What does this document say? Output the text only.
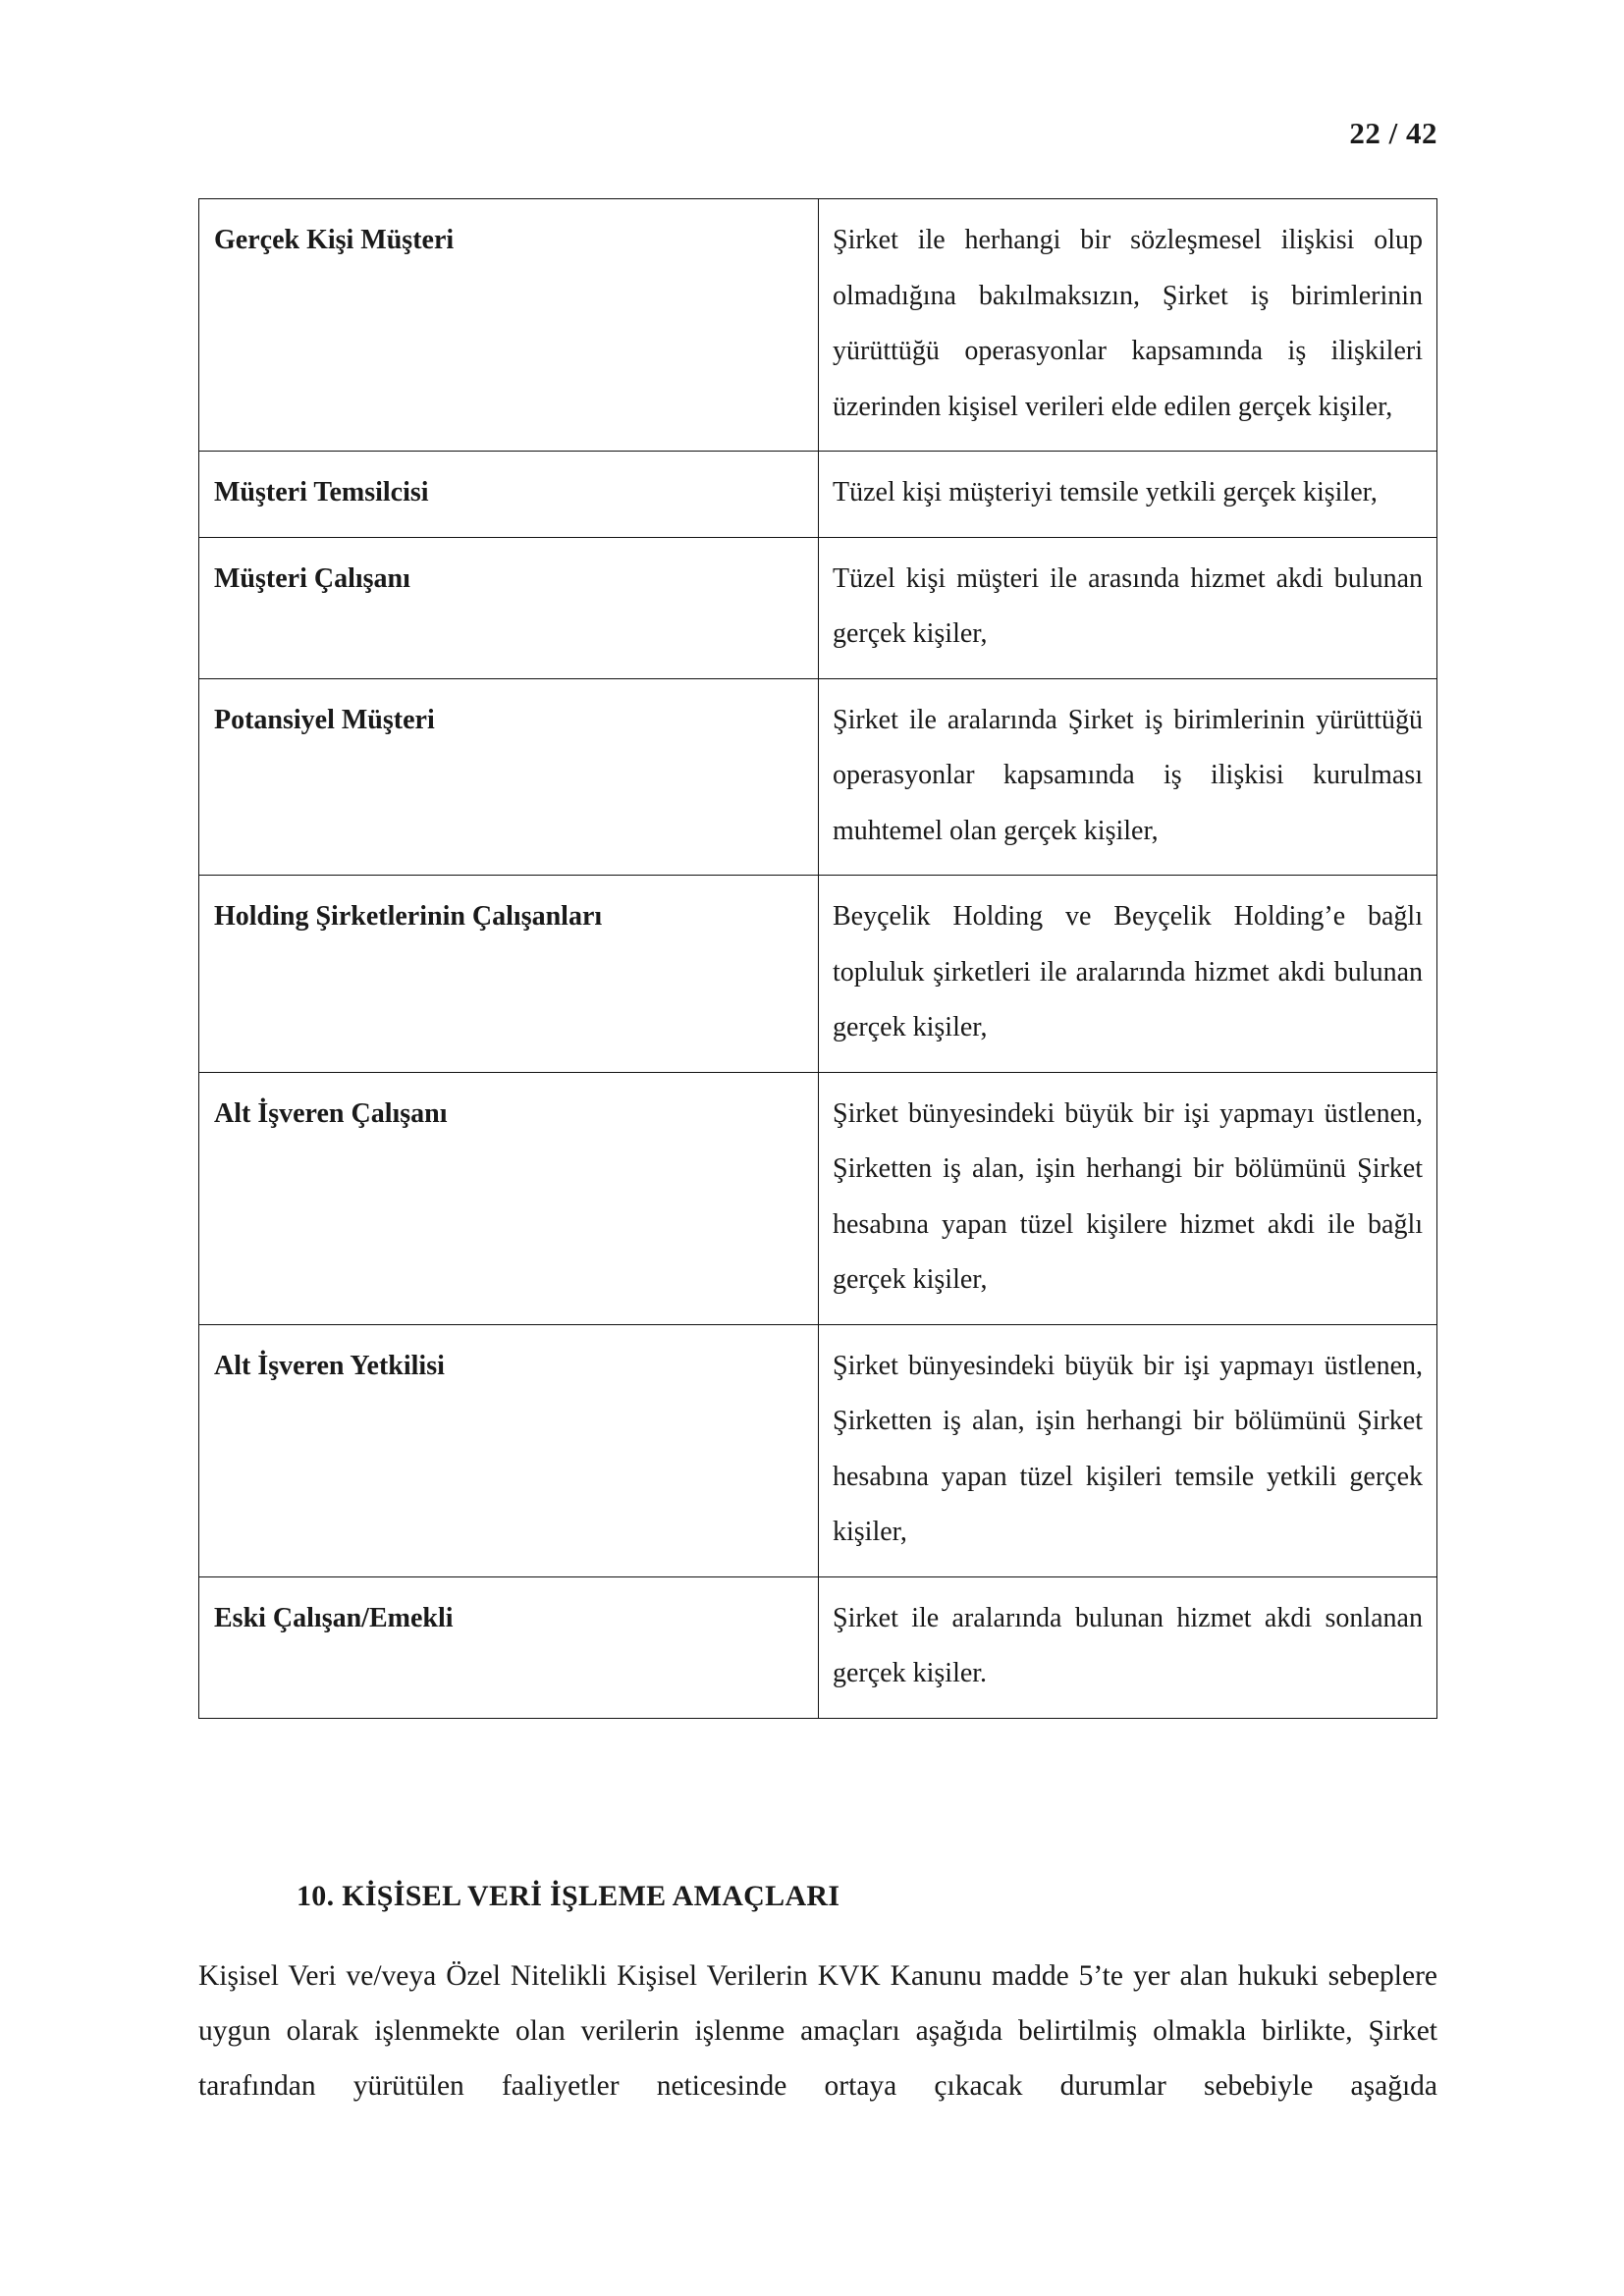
22 / 42
Gerçek Kişi Müşteri	Şirket ile herhangi bir sözleşmesel ilişkisi olup olmadığına bakılmaksızın, Şirket iş birimlerinin yürüttüğü operasyonlar kapsamında iş ilişkileri üzerinden kişisel verileri elde edilen gerçek kişiler,
Müşteri Temsilcisi	Tüzel kişi müşteriyi temsile yetkili gerçek kişiler,
Müşteri Çalışanı	Tüzel kişi müşteri ile arasında hizmet akdi bulunan gerçek kişiler,
Potansiyel Müşteri	Şirket ile aralarında Şirket iş birimlerinin yürüttüğü operasyonlar kapsamında iş ilişkisi kurulması muhtemel olan gerçek kişiler,
Holding Şirketlerinin Çalışanları	Beyçelik Holding ve Beyçelik Holding’e bağlı topluluk şirketleri ile aralarında hizmet akdi bulunan gerçek kişiler,
Alt İşveren Çalışanı	Şirket bünyesindeki büyük bir işi yapmayı üstlenen, Şirketten iş alan, işin herhangi bir bölümünü Şirket hesabına yapan tüzel kişilere hizmet akdi ile bağlı gerçek kişiler,
Alt İşveren Yetkilisi	Şirket bünyesindeki büyük bir işi yapmayı üstlenen, Şirketten iş alan, işin herhangi bir bölümünü Şirket hesabına yapan tüzel kişileri temsile yetkili gerçek kişiler,
Eski Çalışan/Emekli	Şirket ile aralarında bulunan hizmet akdi sonlanan gerçek kişiler.
10. KİŞİSEL VERİ İŞLEME AMAÇLARI
Kişisel Veri ve/veya Özel Nitelikli Kişisel Verilerin KVK Kanunu madde 5’te yer alan hukuki sebeplere uygun olarak işlenmekte olan verilerin işlenme amaçları aşağıda belirtilmiş olmakla birlikte, Şirket tarafından yürütülen faaliyetler neticesinde ortaya çıkacak durumlar sebebiyle aşağıda
